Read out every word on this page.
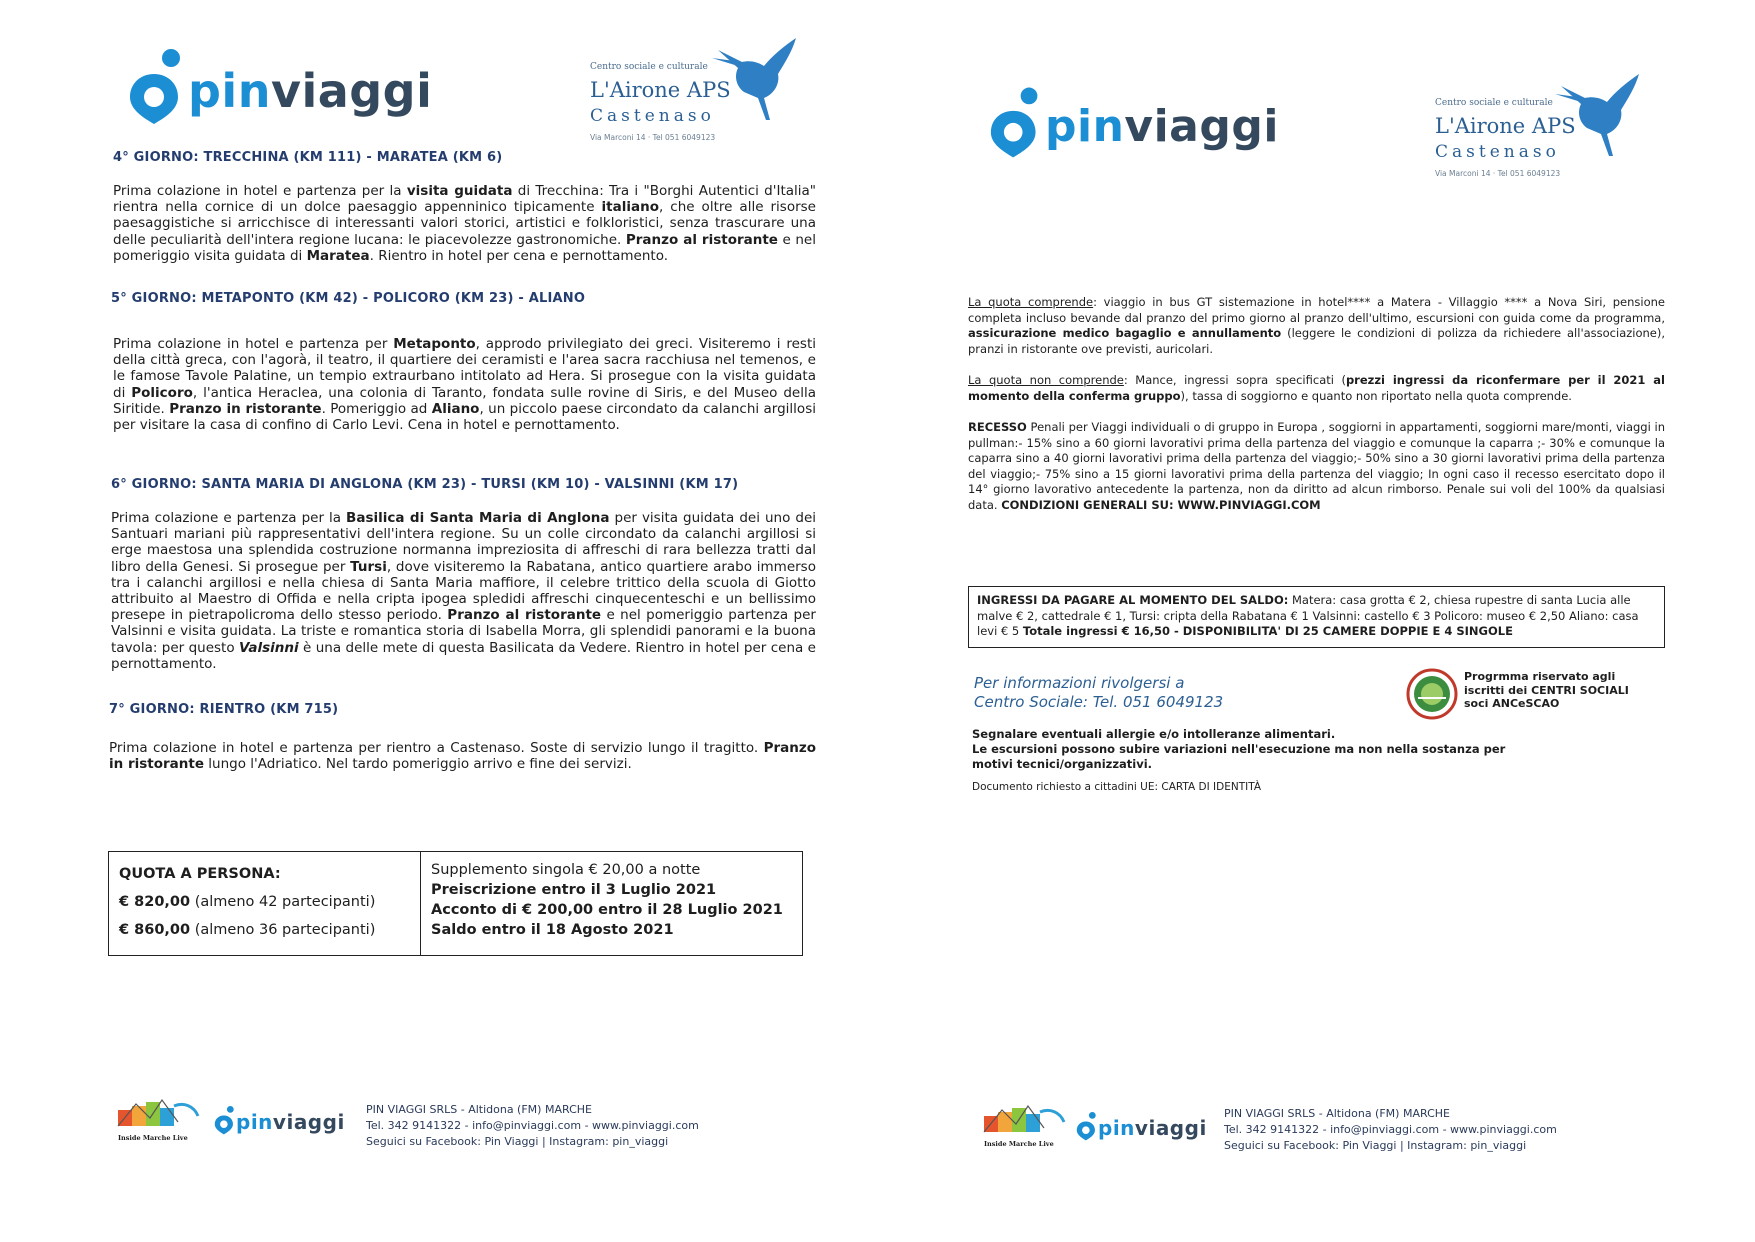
pinviaggi	Centro sociale e culturale
L'Airone APS
Castenaso
Via Marconi 14 · Tel 051 6049123
4° GIORNO: TRECCHINA (KM 111) - MARATEA (KM 6)
Prima colazione in hotel e partenza per la visita guidata di Trecchina: Tra i "Borghi Autentici d'Italia" rientra nella cornice di un dolce paesaggio appenninico tipicamente italiano, che oltre alle risorse paesaggistiche si arricchisce di interessanti valori storici, artistici e folkloristici, senza trascurare una delle peculiarità dell'intera regione lucana: le piacevolezze gastronomiche. Pranzo al ristorante e nel pomeriggio visita guidata di Maratea. Rientro in hotel per cena e pernottamento.
5° GIORNO: METAPONTO (KM 42) - POLICORO (KM 23) - ALIANO
Prima colazione in hotel e partenza per Metaponto, approdo privilegiato dei greci. Visiteremo i resti della città greca, con l'agorà, il teatro, il quartiere dei ceramisti e l'area sacra racchiusa nel temenos, e le famose Tavole Palatine, un tempio extraurbano intitolato ad Hera. Si prosegue con la visita guidata di Policoro, l'antica Heraclea, una colonia di Taranto, fondata sulle rovine di Siris, e del Museo della Siritide. Pranzo in ristorante. Pomeriggio ad Aliano, un piccolo paese circondato da calanchi argillosi per visitare la casa di confino di Carlo Levi. Cena in hotel e pernottamento.
6° GIORNO: SANTA MARIA DI ANGLONA (KM 23) - TURSI (KM 10) - VALSINNI (KM 17)
Prima colazione e partenza per la Basilica di Santa Maria di Anglona per visita guidata dei uno dei Santuari mariani più rappresentativi dell'intera regione. Su un colle circondato da calanchi argillosi si erge maestosa una splendida costruzione normanna impreziosita di affreschi di rara bellezza tratti dal libro della Genesi. Si prosegue per Tursi, dove visiteremo la Rabatana, antico quartiere arabo immerso tra i calanchi argillosi e nella chiesa di Santa Maria maffiore, il celebre trittico della scuola di Giotto attribuito al Maestro di Offida e nella cripta ipogea spledidi affreschi cinquecenteschi e un bellissimo presepe in pietrapolicroma dello stesso periodo. Pranzo al ristorante e nel pomeriggio partenza per Valsinni e visita guidata. La triste e romantica storia di Isabella Morra, gli splendidi panorami e la buona tavola: per questo Valsinni è una delle mete di questa Basilicata da Vedere. Rientro in hotel per cena e pernottamento.
7° GIORNO: RIENTRO (KM 715)
Prima colazione in hotel e partenza per rientro a Castenaso. Soste di servizio lungo il tragitto. Pranzo in ristorante lungo l'Adriatico. Nel tardo pomeriggio arrivo e fine dei servizi.
QUOTA A PERSONA:
€ 820,00 (almeno 42 partecipanti)
€ 860,00 (almeno 36 partecipanti)
Supplemento singola € 20,00 a notte
Preiscrizione entro il 3 Luglio 2021
Acconto di € 200,00 entro il 28 Luglio 2021
Saldo entro il 18 Agosto 2021
Inside Marche Live
pinviaggi
PIN VIAGGI SRLS - Altidona (FM) MARCHE
Tel. 342 9141322 - info@pinviaggi.com - www.pinviaggi.com
Seguici su Facebook: Pin Viaggi | Instagram: pin_viaggi
pinviaggi	Centro sociale e culturale
L'Airone APS
Castenaso
Via Marconi 14 · Tel 051 6049123
La quota comprende: viaggio in bus GT sistemazione in hotel**** a Matera - Villaggio **** a Nova Siri, pensione completa incluso bevande dal pranzo del primo giorno al pranzo dell'ultimo, escursioni con guida come da programma, assicurazione medico bagaglio e annullamento (leggere le condizioni di polizza da richiedere all'associazione), pranzi in ristorante ove previsti, auricolari.
La quota non comprende: Mance, ingressi sopra specificati (prezzi ingressi da riconfermare per il 2021 al momento della conferma gruppo), tassa di soggiorno e quanto non riportato nella quota comprende.
RECESSO Penali per Viaggi individuali o di gruppo in Europa , soggiorni in appartamenti, soggiorni mare/monti, viaggi in pullman:- 15% sino a 60 giorni lavorativi prima della partenza del viaggio e comunque la caparra ;- 30% e comunque la caparra sino a 40 giorni lavorativi prima della partenza del viaggio;- 50% sino a 30 giorni lavorativi prima della partenza del viaggio;- 75% sino a 15 giorni lavorativi prima della partenza del viaggio; In ogni caso il recesso esercitato dopo il 14° giorno lavorativo antecedente la partenza, non da diritto ad alcun rimborso. Penale sui voli del 100% da qualsiasi data. CONDIZIONI GENERALI SU: WWW.PINVIAGGI.COM
INGRESSI DA PAGARE AL MOMENTO DEL SALDO: Matera: casa grotta € 2, chiesa rupestre di santa Lucia alle malve € 2, cattedrale € 1, Tursi: cripta della Rabatana € 1 Valsinni: castello € 3 Policoro: museo € 2,50 Aliano: casa levi € 5 Totale ingressi € 16,50 - DISPONIBILITA' DI 25 CAMERE DOPPIE E 4 SINGOLE
Per informazioni rivolgersi a
Centro Sociale: Tel. 051 6049123
Progrmma riservato agli
iscritti dei CENTRI SOCIALI
soci ANCeSCAO
Segnalare eventuali allergie e/o intolleranze alimentari.
Le escursioni possono subire variazioni nell'esecuzione ma non nella sostanza per motivi tecnici/organizzativi.
Documento richiesto a cittadini UE: CARTA DI IDENTITÀ
Inside Marche Live
pinviaggi
PIN VIAGGI SRLS - Altidona (FM) MARCHE
Tel. 342 9141322 - info@pinviaggi.com - www.pinviaggi.com
Seguici su Facebook: Pin Viaggi | Instagram: pin_viaggi
